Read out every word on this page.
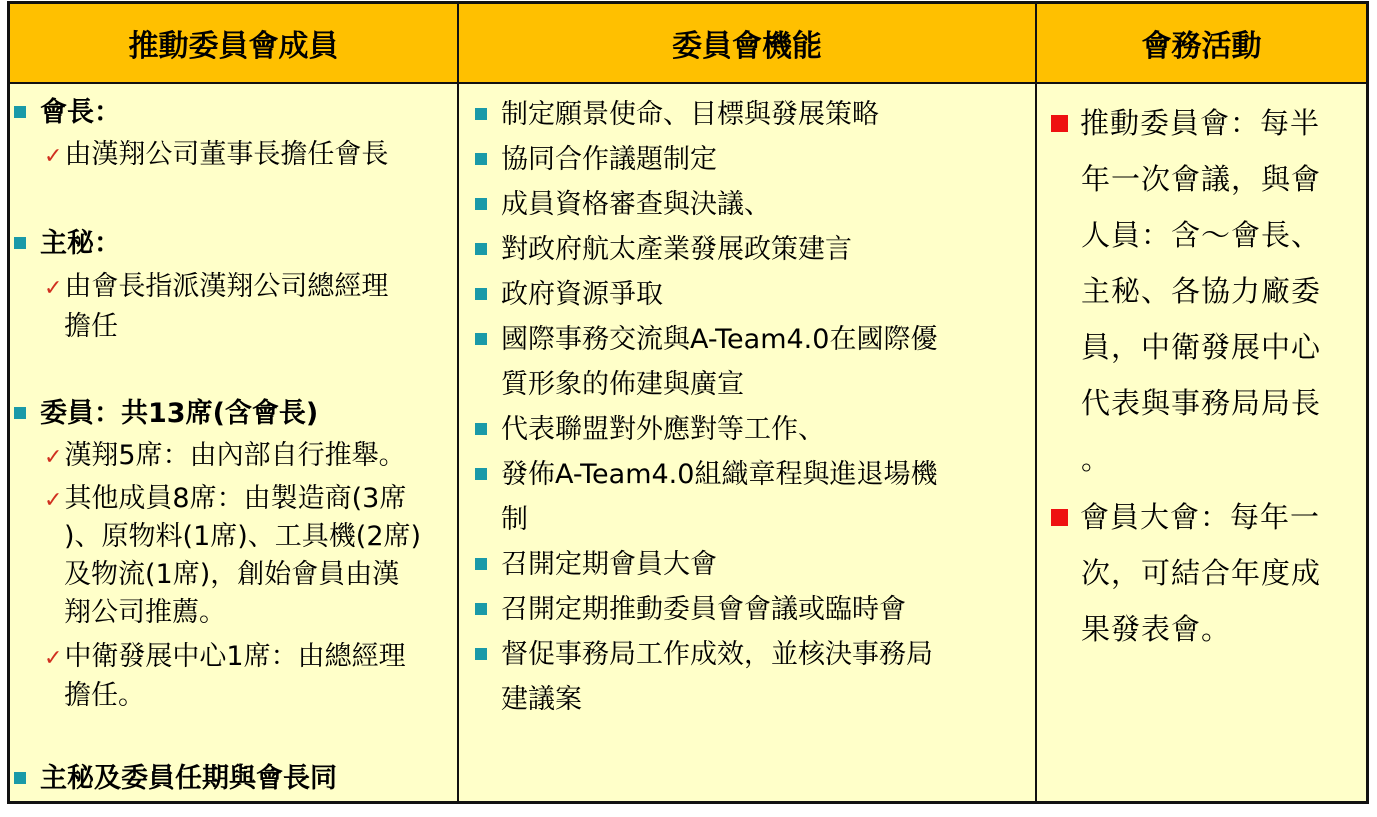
推動委員會成員	委員會機能	會務活動
會長：
✓由漢翔公司董事長擔任會長
主秘：
✓由會長指派漢翔公司總經理
擔任
委員：共13席(含會長)
✓漢翔5席：由內部自行推舉。
✓其他成員8席：由製造商(3席
)、原物料(1席)、工具機(2席)
及物流(1席)，創始會員由漢
翔公司推薦。
✓中衛發展中心1席：由總經理
擔任。
主秘及委員任期與會長同
制定願景使命、目標與發展策略
協同合作議題制定
成員資格審查與決議、
對政府航太產業發展政策建言
政府資源爭取
國際事務交流與A-Team4.0在國際優
質形象的佈建與廣宣
代表聯盟對外應對等工作、
發佈A-Team4.0組織章程與進退場機
制
召開定期會員大會
召開定期推動委員會會議或臨時會
督促事務局工作成效，並核決事務局
建議案
推動委員會：每半
年一次會議，與會
人員：含～會長、
主秘、各協力廠委
員，中衛發展中心
代表與事務局局長
。
會員大會：每年一
次，可結合年度成
果發表會。
